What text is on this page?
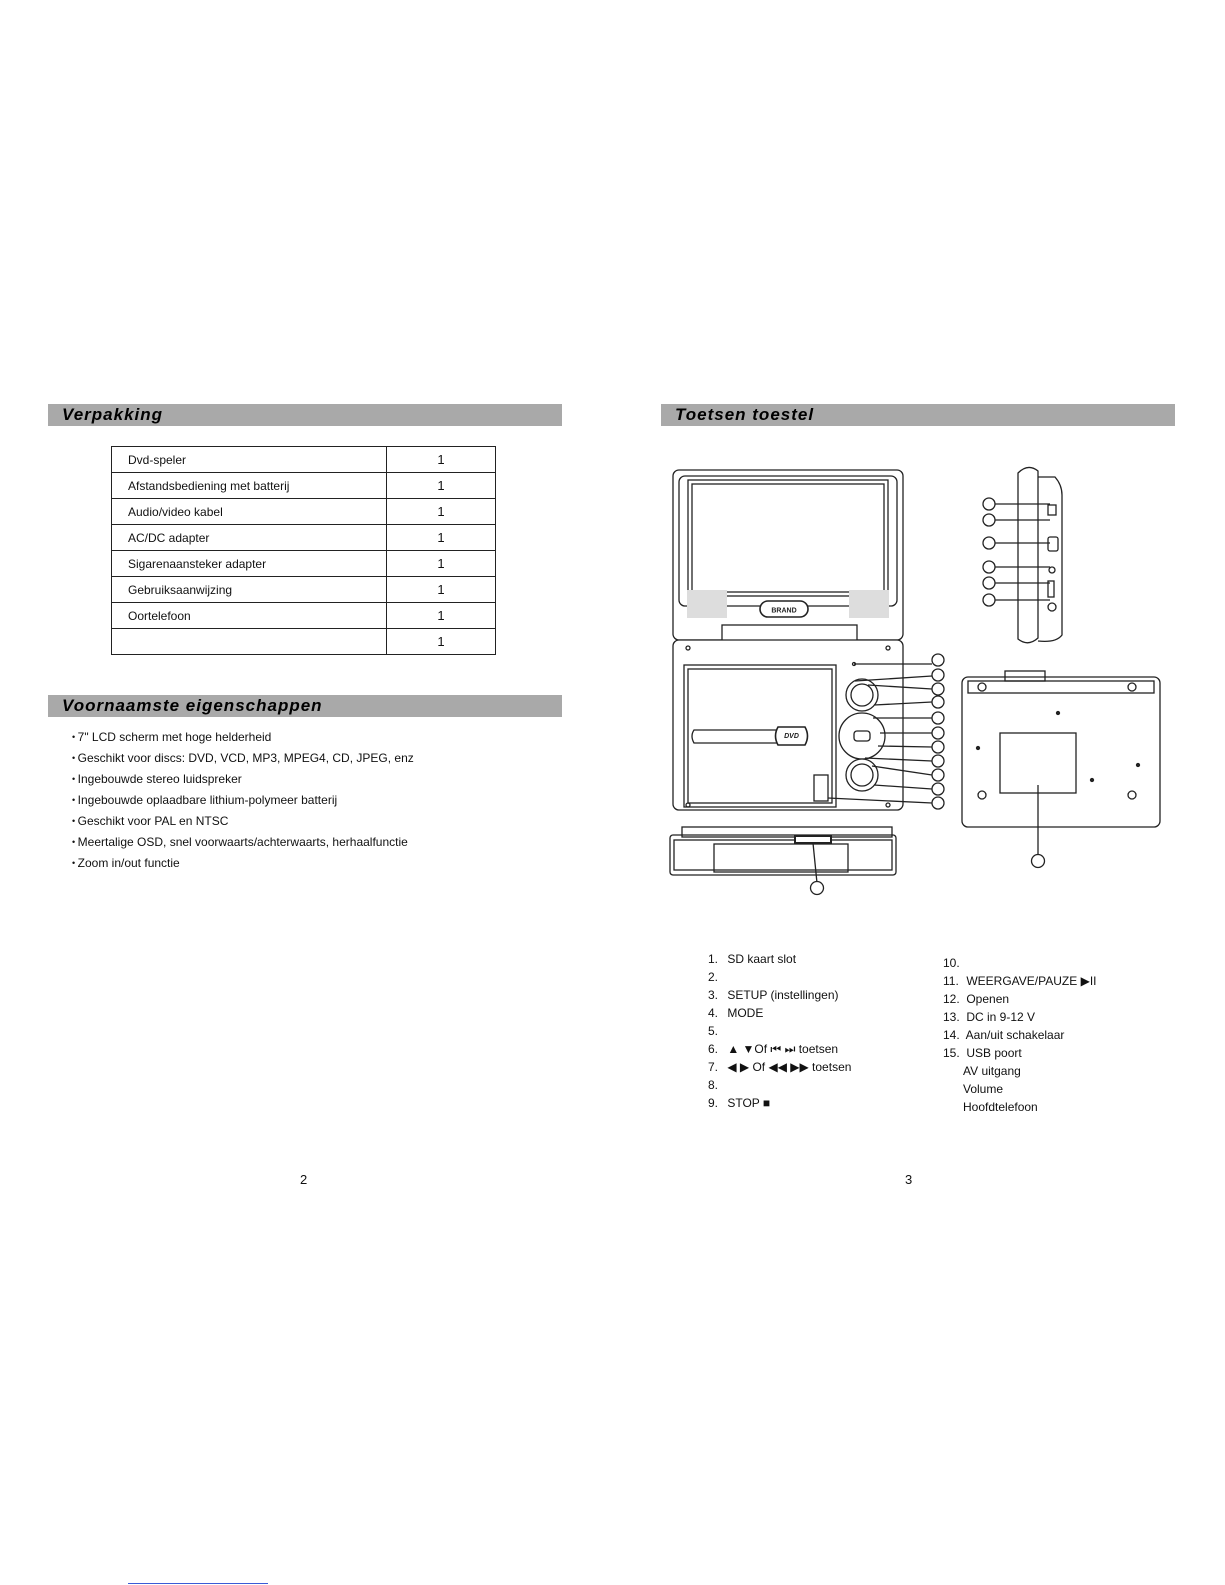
Verpakking
Dvd-speler	1
Afstandsbediening met batterij	1
Audio/video kabel	1
AC/DC adapter	1
Sigarenaansteker adapter	1
Gebruiksaanwijzing	1
Oortelefoon	1
	1
Voornaamste eigenschappen
• 7" LCD scherm met hoge helderheid
• Geschikt voor discs: DVD, VCD, MP3, MPEG4, CD, JPEG, enz
• Ingebouwde stereo luidspreker
• Ingebouwde oplaadbare lithium-polymeer batterij
• Geschikt voor PAL en NTSC
• Meertalige OSD, snel voorwaarts/achterwaarts, herhaalfunctie
• Zoom in/out functie
2
Toetsen toestel
BRAND
DVD
1. SD kaart slot
2.
3. SETUP (instellingen)
4. MODE
5.
6. ▲ ▼Of ⏮ ⏭ toetsen
7. ◀ ▶ Of ◀◀ ▶▶ toetsen
8.
9. STOP ■
10.
11. WEERGAVE/PAUZE ▶II
12. Openen
13. DC in 9-12 V
14. Aan/uit schakelaar
15. USB poort
AV uitgang
Volume
Hoofdtelefoon
3
